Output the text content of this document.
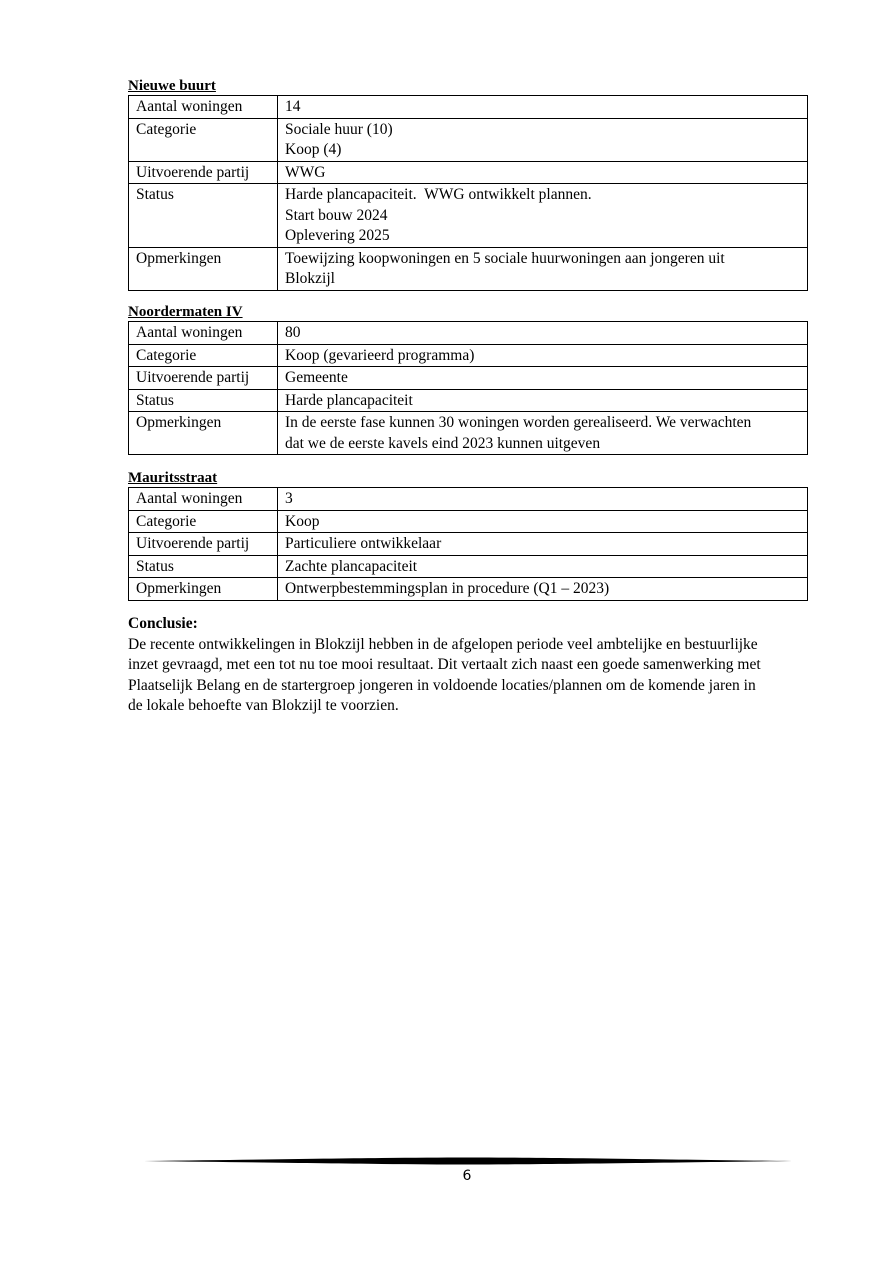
Nieuwe buurt

Aantal woningen	14

Categorie	Sociale huur (10)
Koop (4)

Uitvoerende partij	WWG

Status	Harde plancapaciteit.  WWG ontwikkelt plannen.
Start bouw 2024
Oplevering 2025

Opmerkingen	Toewijzing koopwoningen en 5 sociale huurwoningen aan jongeren uit
Blokzijl

Noordermaten IV

Aantal woningen	80

Categorie	Koop (gevarieerd programma)

Uitvoerende partij	Gemeente

Status	Harde plancapaciteit

Opmerkingen	In de eerste fase kunnen 30 woningen worden gerealiseerd. We verwachten
dat we de eerste kavels eind 2023 kunnen uitgeven

Mauritsstraat

Aantal woningen	3

Categorie	Koop

Uitvoerende partij	Particuliere ontwikkelaar

Status	Zachte plancapaciteit

Opmerkingen	Ontwerpbestemmingsplan in procedure (Q1 – 2023)
Conclusie:
De recente ontwikkelingen in Blokzijl hebben in de afgelopen periode veel ambtelijke en bestuurlijke
inzet gevraagd, met een tot nu toe mooi resultaat. Dit vertaalt zich naast een goede samenwerking met
Plaatselijk Belang en de startergroep jongeren in voldoende locaties/plannen om de komende jaren in
de lokale behoefte van Blokzijl te voorzien.
6
